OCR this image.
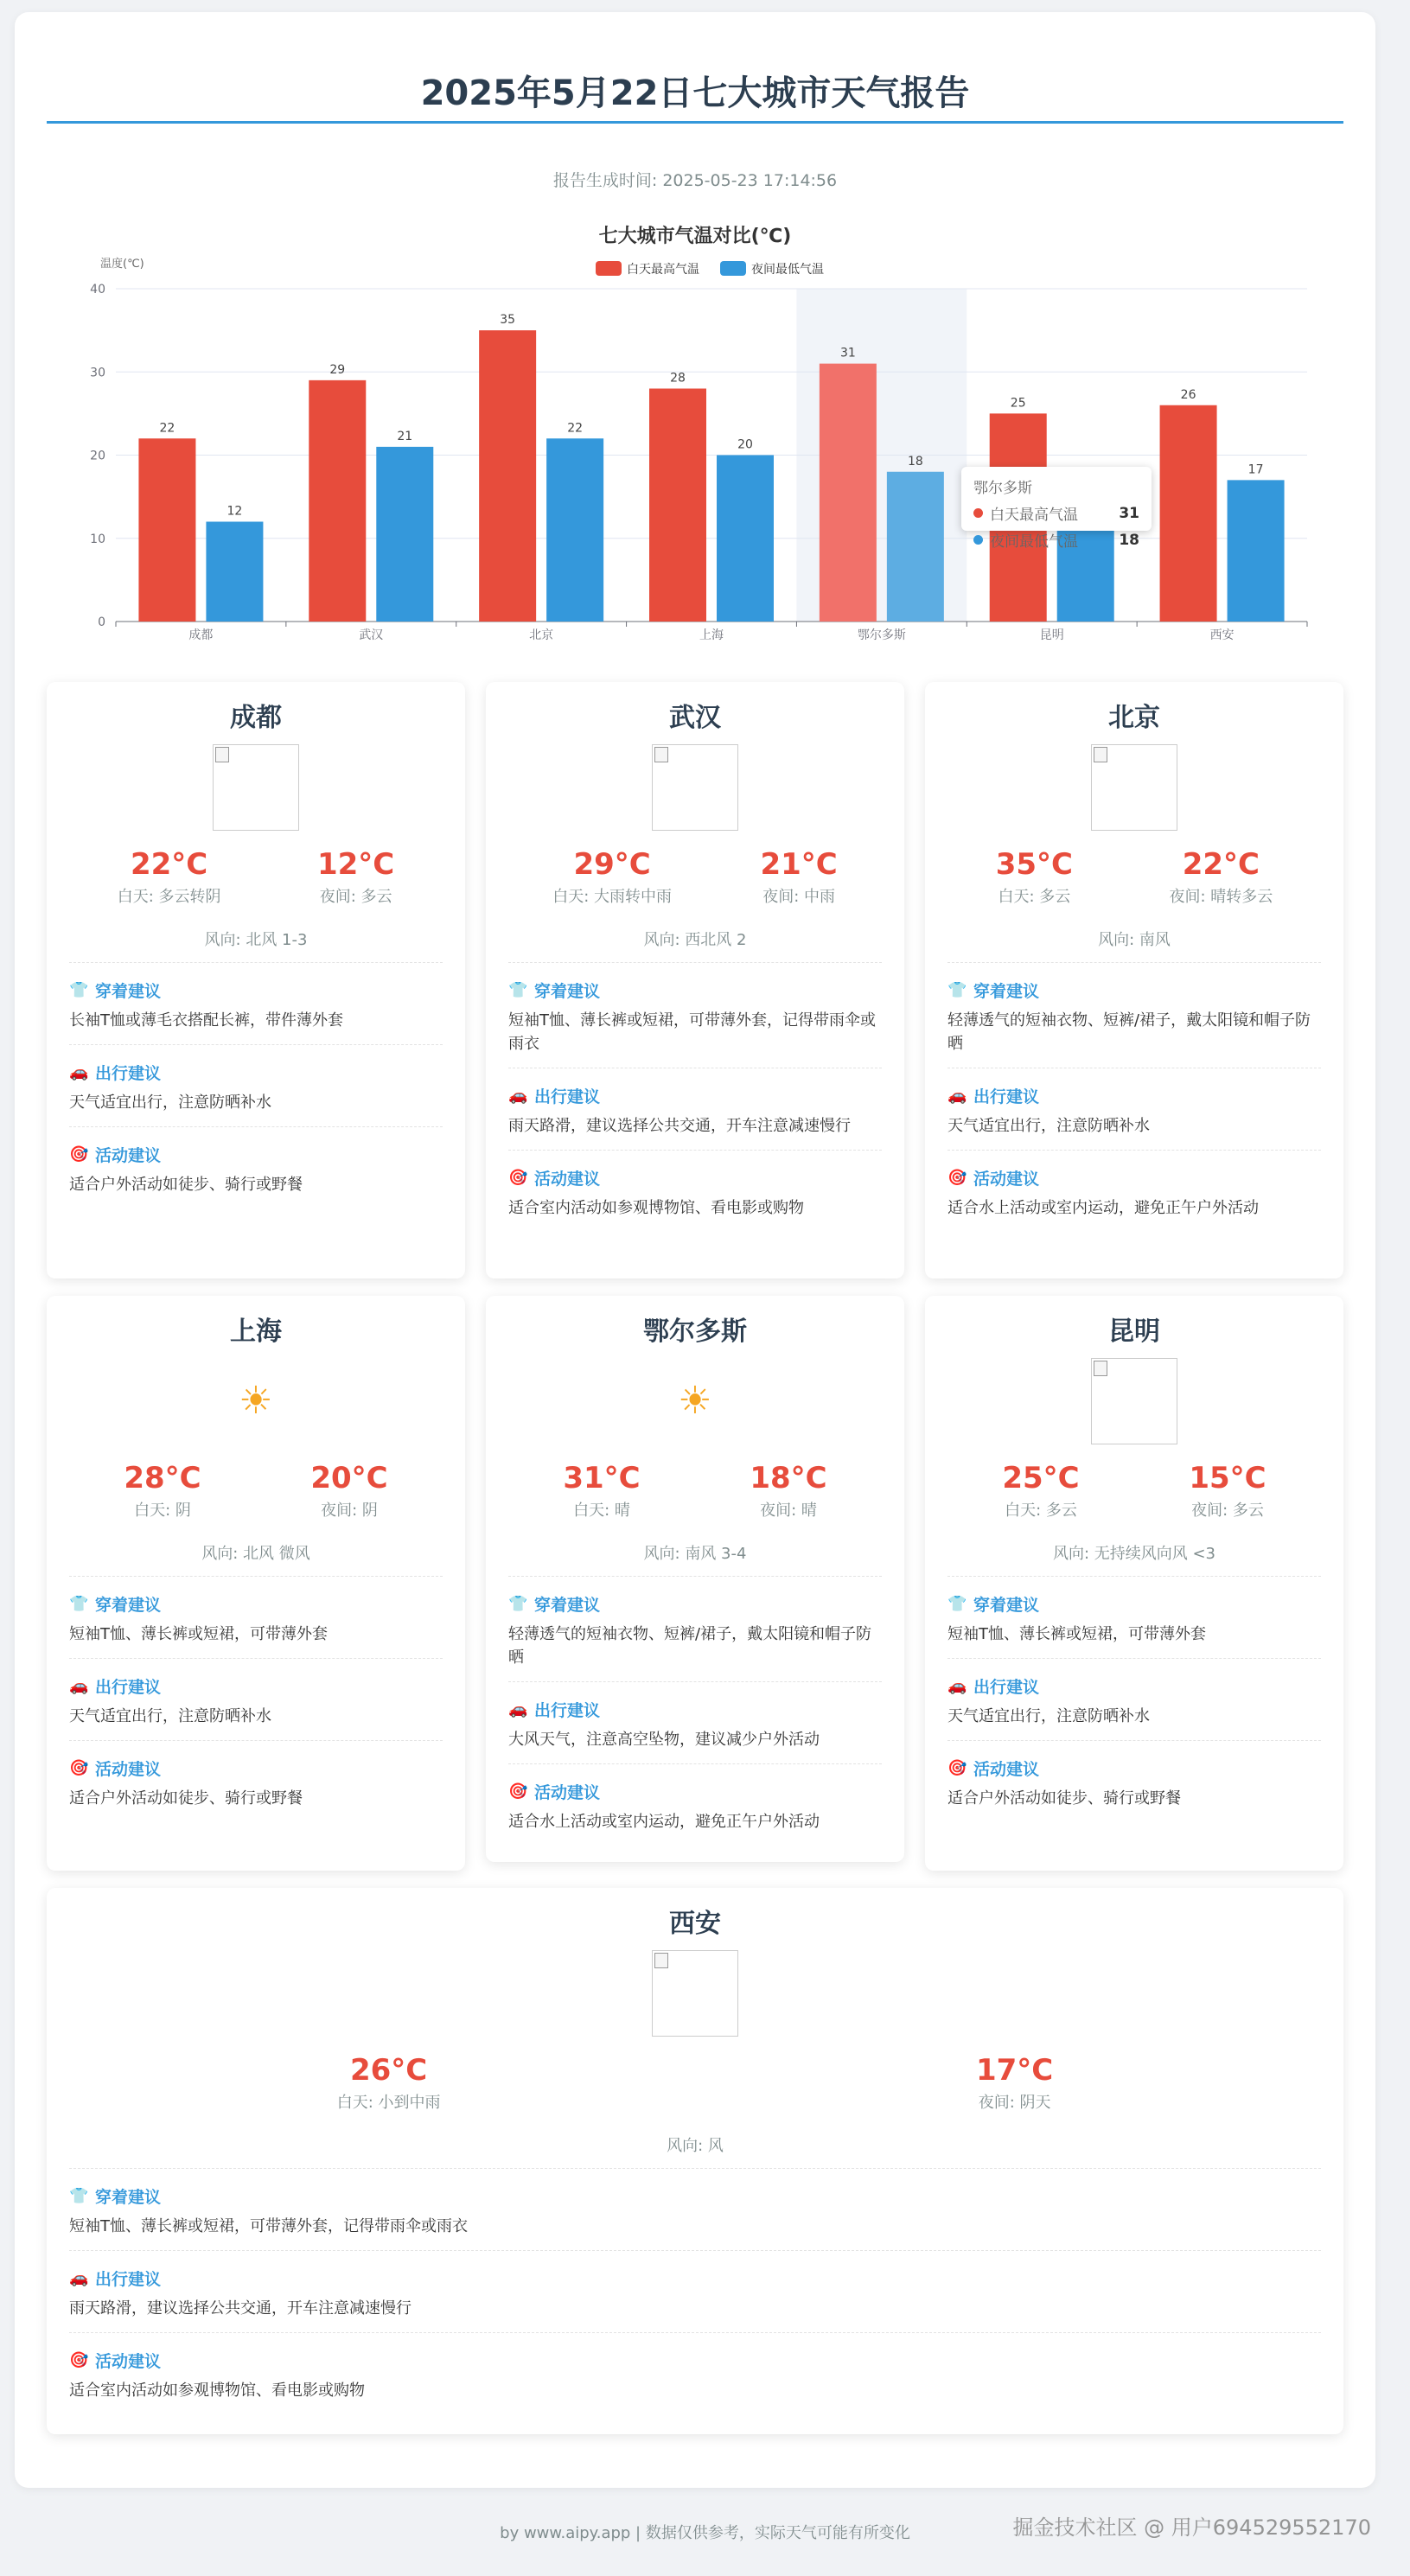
2025年5月22日七大城市天气报告
报告生成时间: 2025-05-23 17:14:56
七大城市气温对比(℃)
温度(℃)	白天最高气温	夜间最低气温
0
10
20
30
40
成都
22
12
武汉
29
21
北京
35
22
上海
28
20
鄂尔多斯
31
18
昆明
25
西安
26
17
鄂尔多斯
白天最高气温	31
夜间最低气温	18
成都
22°C
白天: 多云转阴
12°C
夜间: 多云
风向: 北风 1-3
👕 穿着建议
长袖T恤或薄毛衣搭配长裤，带件薄外套
🚗 出行建议
天气适宜出行，注意防晒补水
🎯 活动建议
适合户外活动如徒步、骑行或野餐
武汉
29°C
白天: 大雨转中雨
21°C
夜间: 中雨
风向: 西北风 2
👕 穿着建议
短袖T恤、薄长裤或短裙，可带薄外套，记得带雨伞或雨衣
🚗 出行建议
雨天路滑，建议选择公共交通，开车注意减速慢行
🎯 活动建议
适合室内活动如参观博物馆、看电影或购物
北京
35°C
白天: 多云
22°C
夜间: 晴转多云
风向: 南风
👕 穿着建议
轻薄透气的短袖衣物、短裤/裙子，戴太阳镜和帽子防晒
🚗 出行建议
天气适宜出行，注意防晒补水
🎯 活动建议
适合水上活动或室内运动，避免正午户外活动
上海
☀
28°C
白天: 阴
20°C
夜间: 阴
风向: 北风 微风
👕 穿着建议
短袖T恤、薄长裤或短裙，可带薄外套
🚗 出行建议
天气适宜出行，注意防晒补水
🎯 活动建议
适合户外活动如徒步、骑行或野餐
鄂尔多斯
☀
31°C
白天: 晴
18°C
夜间: 晴
风向: 南风 3-4
👕 穿着建议
轻薄透气的短袖衣物、短裤/裙子，戴太阳镜和帽子防晒
🚗 出行建议
大风天气，注意高空坠物，建议减少户外活动
🎯 活动建议
适合水上活动或室内运动，避免正午户外活动
昆明
25°C
白天: 多云
15°C
夜间: 多云
风向: 无持续风向风 <3
👕 穿着建议
短袖T恤、薄长裤或短裙，可带薄外套
🚗 出行建议
天气适宜出行，注意防晒补水
🎯 活动建议
适合户外活动如徒步、骑行或野餐
西安
26°C
白天: 小到中雨
17°C
夜间: 阴天
风向: 风
👕 穿着建议
短袖T恤、薄长裤或短裙，可带薄外套，记得带雨伞或雨衣
🚗 出行建议
雨天路滑，建议选择公共交通，开车注意减速慢行
🎯 活动建议
适合室内活动如参观博物馆、看电影或购物
by www.aipy.app | 数据仅供参考，实际天气可能有所变化	掘金技术社区 @ 用户694529552170
